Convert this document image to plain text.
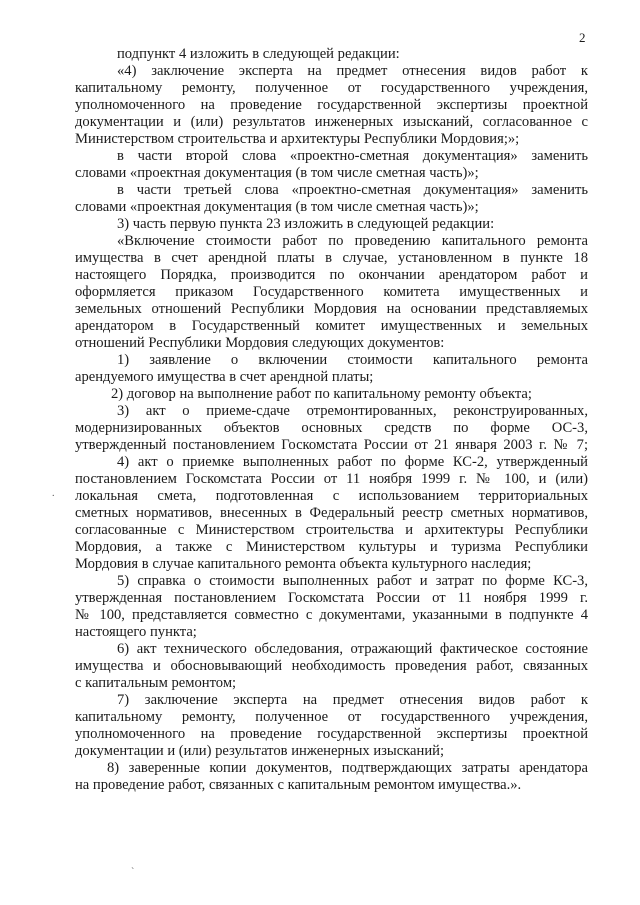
2
подпункт 4 изложить в следующей редакции:
«4) заключение эксперта на предмет отнесения видов работ к
капитальному ремонту, полученное от государственного учреждения,
уполномоченного на проведение государственной экспертизы проектной
документации и (или) результатов инженерных изысканий, согласованное с
Министерством строительства и архитектуры Республики Мордовия;»;
в части второй слова «проектно-сметная документация» заменить
словами «проектная документация (в том числе сметная часть)»;
в части третьей слова «проектно-сметная документация» заменить
словами «проектная документация (в том числе сметная часть)»;
3) часть первую пункта 23 изложить в следующей редакции:
«Включение стоимости работ по проведению капитального ремонта
имущества в счет арендной платы в случае, установленном в пункте 18
настоящего Порядка, производится по окончании арендатором работ и
оформляется приказом Государственного комитета имущественных и
земельных отношений Республики Мордовия на основании представляемых
арендатором в Государственный комитет имущественных и земельных
отношений Республики Мордовия следующих документов:
1) заявление о включении стоимости капитального ремонта
арендуемого имущества в счет арендной платы;
2) договор на выполнение работ по капитальному ремонту объекта;
3) акт о приеме-сдаче отремонтированных, реконструированных,
модернизированных объектов основных средств по форме ОС-3,
утвержденный постановлением Госкомстата России от 21 января 2003 г. № 7;
4) акт о приемке выполненных работ по форме КС-2, утвержденный
постановлением Госкомстата России от 11 ноября 1999 г. № 100, и (или)
локальная смета, подготовленная с использованием территориальных
сметных нормативов, внесенных в Федеральный реестр сметных нормативов,
согласованные с Министерством строительства и архитектуры Республики
Мордовия, а также с Министерством культуры и туризма Республики
Мордовия в случае капитального ремонта объекта культурного наследия;
5) справка о стоимости выполненных работ и затрат по форме КС-3,
утвержденная постановлением Госкомстата России от 11 ноября 1999 г.
№ 100, представляется совместно с документами, указанными в подпункте 4
настоящего пункта;
6) акт технического обследования, отражающий фактическое состояние
имущества и обосновывающий необходимость проведения работ, связанных
с капитальным ремонтом;
7) заключение эксперта на предмет отнесения видов работ к
капитальному ремонту, полученное от государственного учреждения,
уполномоченного на проведение государственной экспертизы проектной
документации и (или) результатов инженерных изысканий;
8) заверенные копии документов, подтверждающих затраты арендатора
на проведение работ, связанных с капитальным ремонтом имущества.».
.
`
